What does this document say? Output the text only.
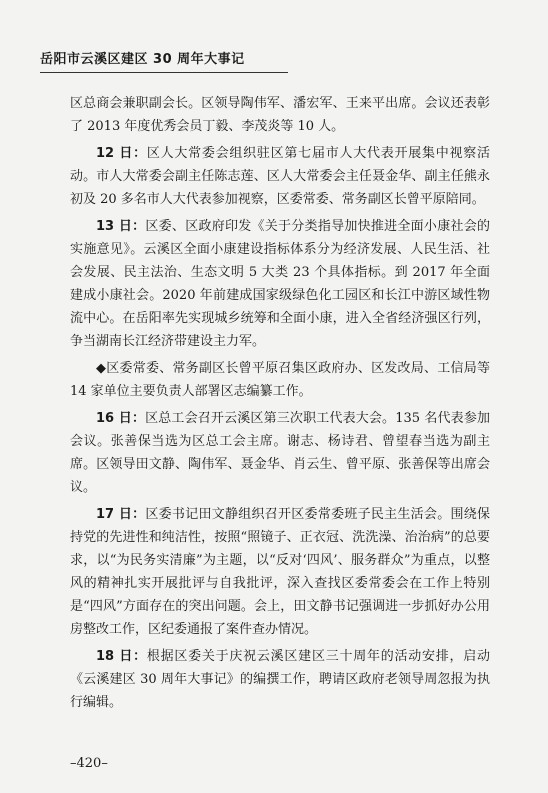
岳阳市云溪区建区 30 周年大事记

区总商会兼职副会长。区领导陶伟军、潘宏军、王来平出席。会议还表彰了 2013 年度优秀会员丁毅、李茂炎等 10 人。

12 日：区人大常委会组织驻区第七届市人大代表开展集中视察活动。市人大常委会副主任陈志莲、区人大常委会主任聂金华、副主任熊永初及 20 多名市人大代表参加视察，区委常委、常务副区长曾平原陪同。

13 日：区委、区政府印发《关于分类指导加快推进全面小康社会的实施意见》。云溪区全面小康建设指标体系分为经济发展、人民生活、社会发展、民主法治、生态文明 5 大类 23 个具体指标。到 2017 年全面建成小康社会。2020 年前建成国家级绿色化工园区和长江中游区域性物流中心。在岳阳率先实现城乡统筹和全面小康，进入全省经济强区行列，争当湖南长江经济带建设主力军。

◆区委常委、常务副区长曾平原召集区政府办、区发改局、工信局等 14 家单位主要负责人部署区志编纂工作。

16 日：区总工会召开云溪区第三次职工代表大会。135 名代表参加会议。张善保当选为区总工会主席。谢志、杨诗君、曾望春当选为副主席。区领导田文静、陶伟军、聂金华、肖云生、曾平原、张善保等出席会议。

17 日：区委书记田文静组织召开区委常委班子民主生活会。围绕保持党的先进性和纯洁性，按照“照镜子、正衣冠、洗洗澡、治治病”的总要求，以“为民务实清廉”为主题，以“反对‘四风’、服务群众”为重点，以整风的精神扎实开展批评与自我批评，深入查找区委常委会在工作上特别是“四风”方面存在的突出问题。会上，田文静书记强调进一步抓好办公用房整改工作，区纪委通报了案件查办情况。

18 日：根据区委关于庆祝云溪区建区三十周年的活动安排，启动《云溪建区 30 周年大事记》的编撰工作，聘请区政府老领导周忽报为执行编辑。

–420–
